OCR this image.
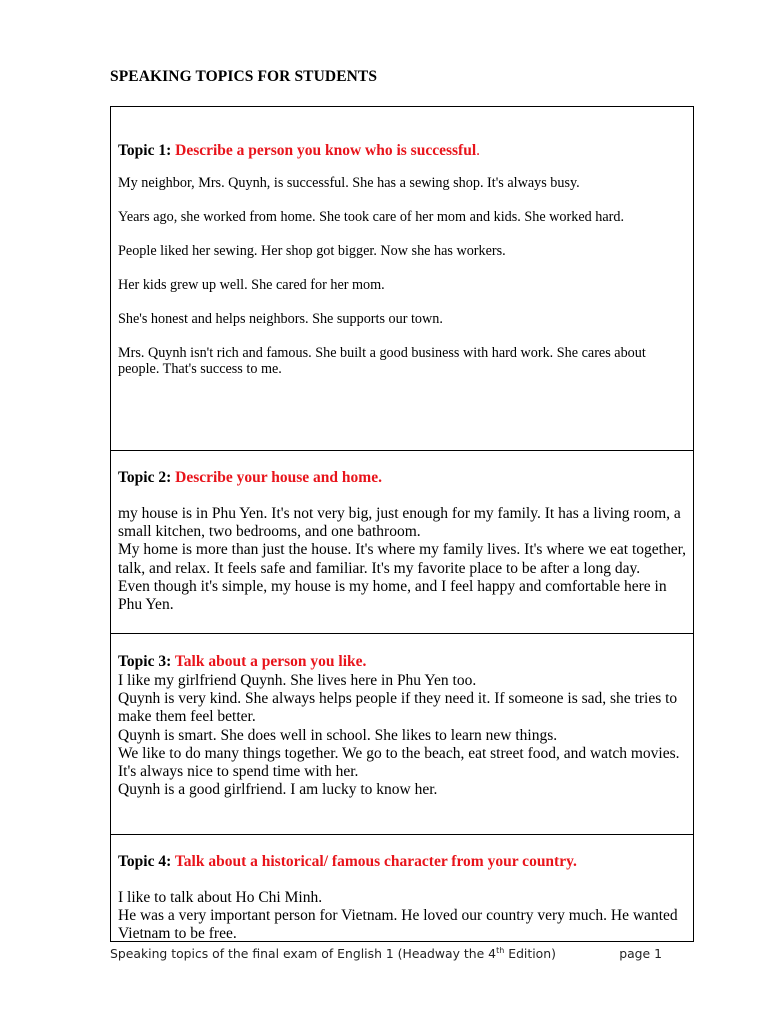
SPEAKING TOPICS FOR STUDENTS
Topic 1: Describe a person you know who is successful.

My neighbor, Mrs. Quynh, is successful. She has a sewing shop. It's always busy.

Years ago, she worked from home. She took care of her mom and kids. She worked hard.

People liked her sewing. Her shop got bigger. Now she has workers.

Her kids grew up well. She cared for her mom.

She's honest and helps neighbors. She supports our town.

Mrs. Quynh isn't rich and famous. She built a good business with hard work. She cares about people. That's success to me.

Topic 2: Describe your house and home.

my house is in Phu Yen. It's not very big, just enough for my family. It has a living room, a small kitchen, two bedrooms, and one bathroom.

My home is more than just the house. It's where my family lives. It's where we eat together, talk, and relax. It feels safe and familiar. It's my favorite place to be after a long day.

Even though it's simple, my house is my home, and I feel happy and comfortable here in Phu Yen.

Topic 3: Talk about a person you like.

I like my girlfriend Quynh. She lives here in Phu Yen too.

Quynh is very kind. She always helps people if they need it. If someone is sad, she tries to make them feel better.

Quynh is smart. She does well in school. She likes to learn new things.

We like to do many things together. We go to the beach, eat street food, and watch movies. It's always nice to spend time with her.

Quynh is a good girlfriend. I am lucky to know her.

Topic 4: Talk about a historical/ famous character from your country.

I like to talk about Ho Chi Minh.

He was a very important person for Vietnam. He loved our country very much. He wanted Vietnam to be free.

Speaking topics of the final exam of English 1 (Headway the 4th Edition)	page 1
